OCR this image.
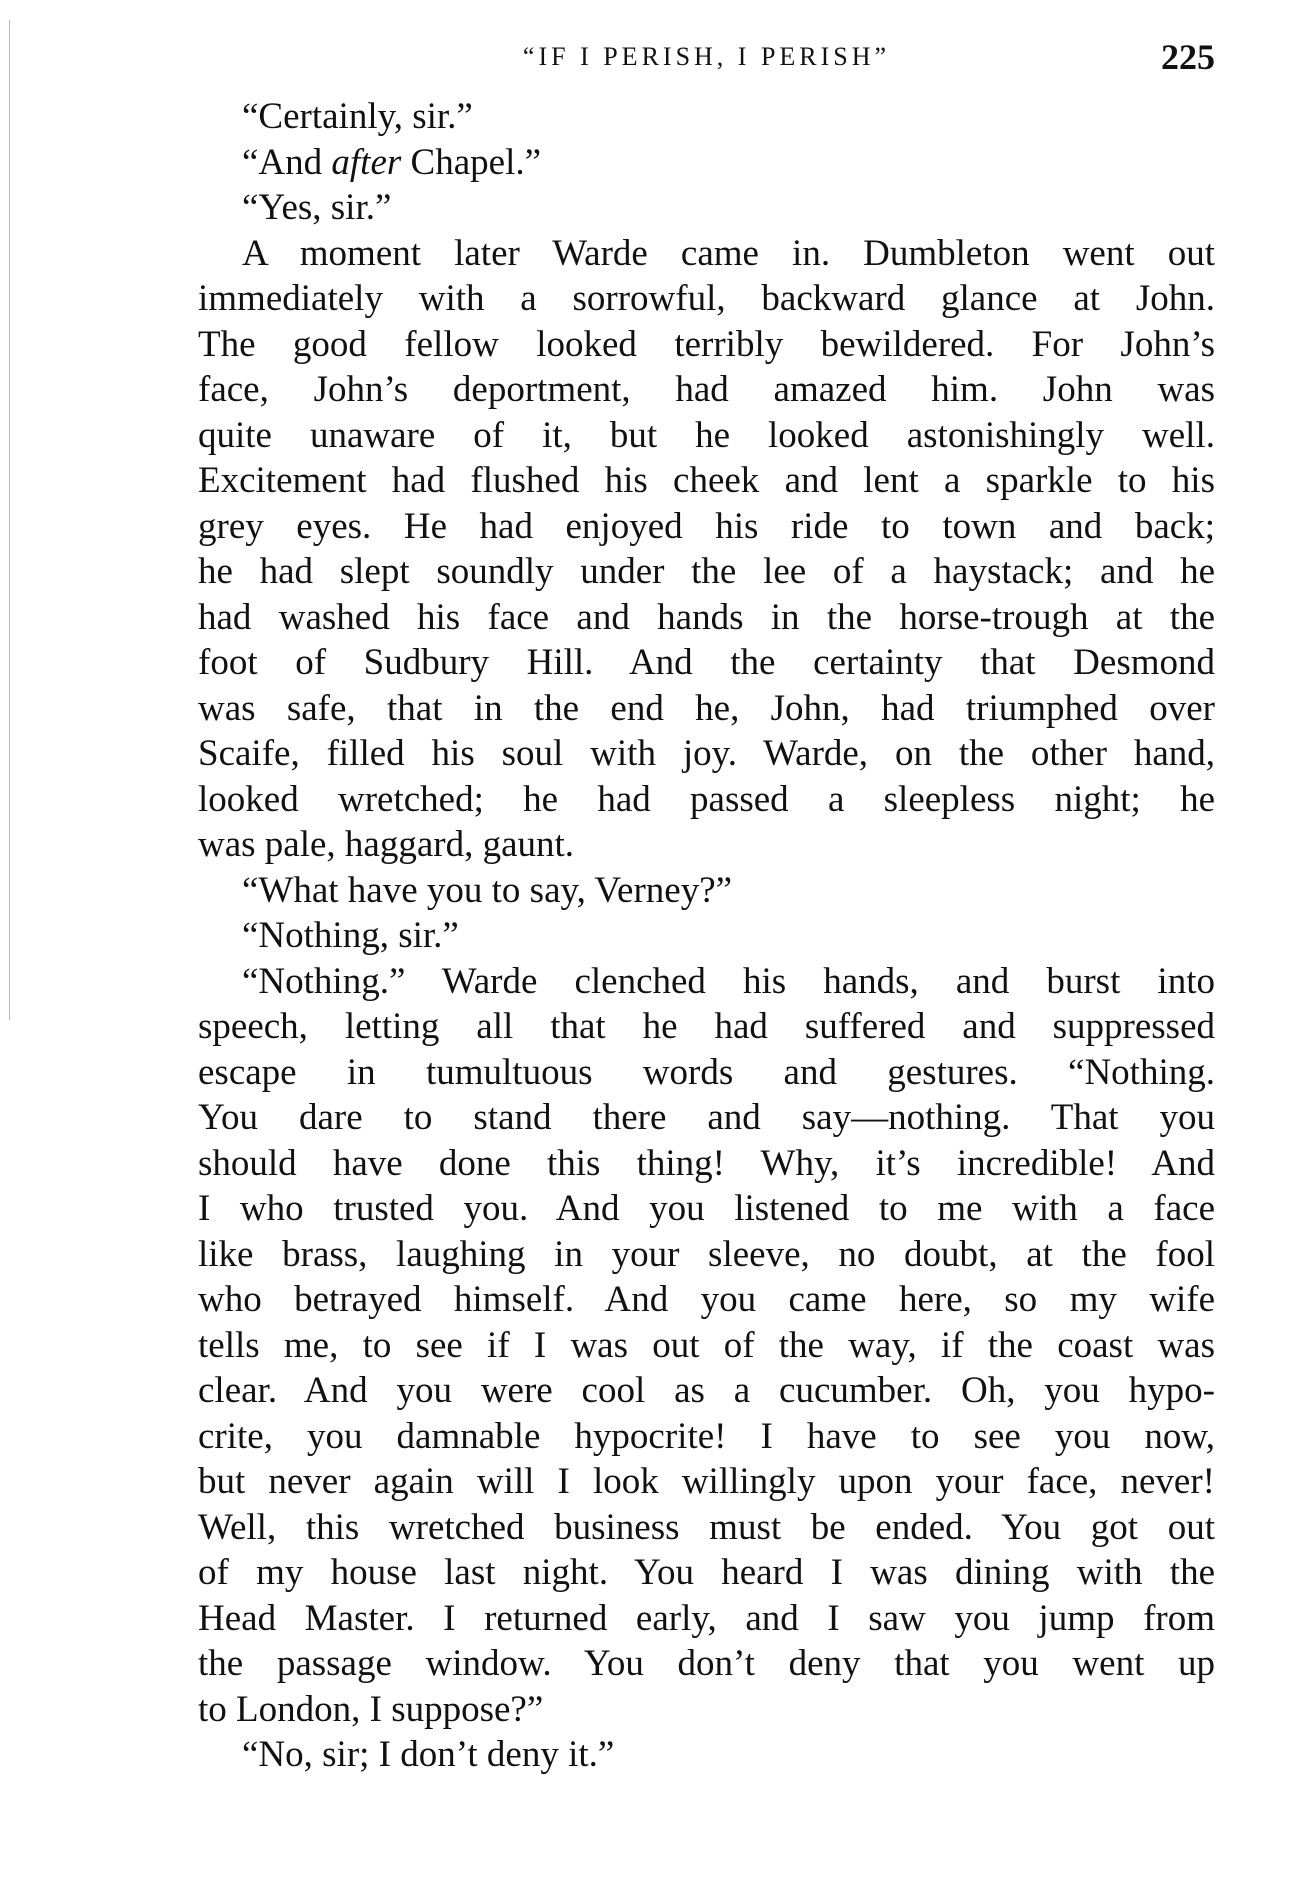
“IF I PERISH, I PERISH”	225
“Certainly, sir.”
“And after Chapel.”
“Yes, sir.”
A moment later Warde came in. Dumbleton went out
immediately with a sorrowful, backward glance at John.
The good fellow looked terribly bewildered. For John’s
face, John’s deportment, had amazed him. John was
quite unaware of it, but he looked astonishingly well.
Excitement had flushed his cheek and lent a sparkle to his
grey eyes. He had enjoyed his ride to town and back;
he had slept soundly under the lee of a haystack; and he
had washed his face and hands in the horse-trough at the
foot of Sudbury Hill. And the certainty that Desmond
was safe, that in the end he, John, had triumphed over
Scaife, filled his soul with joy. Warde, on the other hand,
looked wretched; he had passed a sleepless night; he
was pale, haggard, gaunt.
“What have you to say, Verney?”
“Nothing, sir.”
“Nothing.” Warde clenched his hands, and burst into
speech, letting all that he had suffered and suppressed
escape in tumultuous words and gestures. “Nothing.
You dare to stand there and say—nothing. That you
should have done this thing! Why, it’s incredible! And
I who trusted you. And you listened to me with a face
like brass, laughing in your sleeve, no doubt, at the fool
who betrayed himself. And you came here, so my wife
tells me, to see if I was out of the way, if the coast was
clear. And you were cool as a cucumber. Oh, you hypo-
crite, you damnable hypocrite! I have to see you now,
but never again will I look willingly upon your face, never!
Well, this wretched business must be ended. You got out
of my house last night. You heard I was dining with the
Head Master. I returned early, and I saw you jump from
the passage window. You don’t deny that you went up
to London, I suppose?”
“No, sir; I don’t deny it.”
